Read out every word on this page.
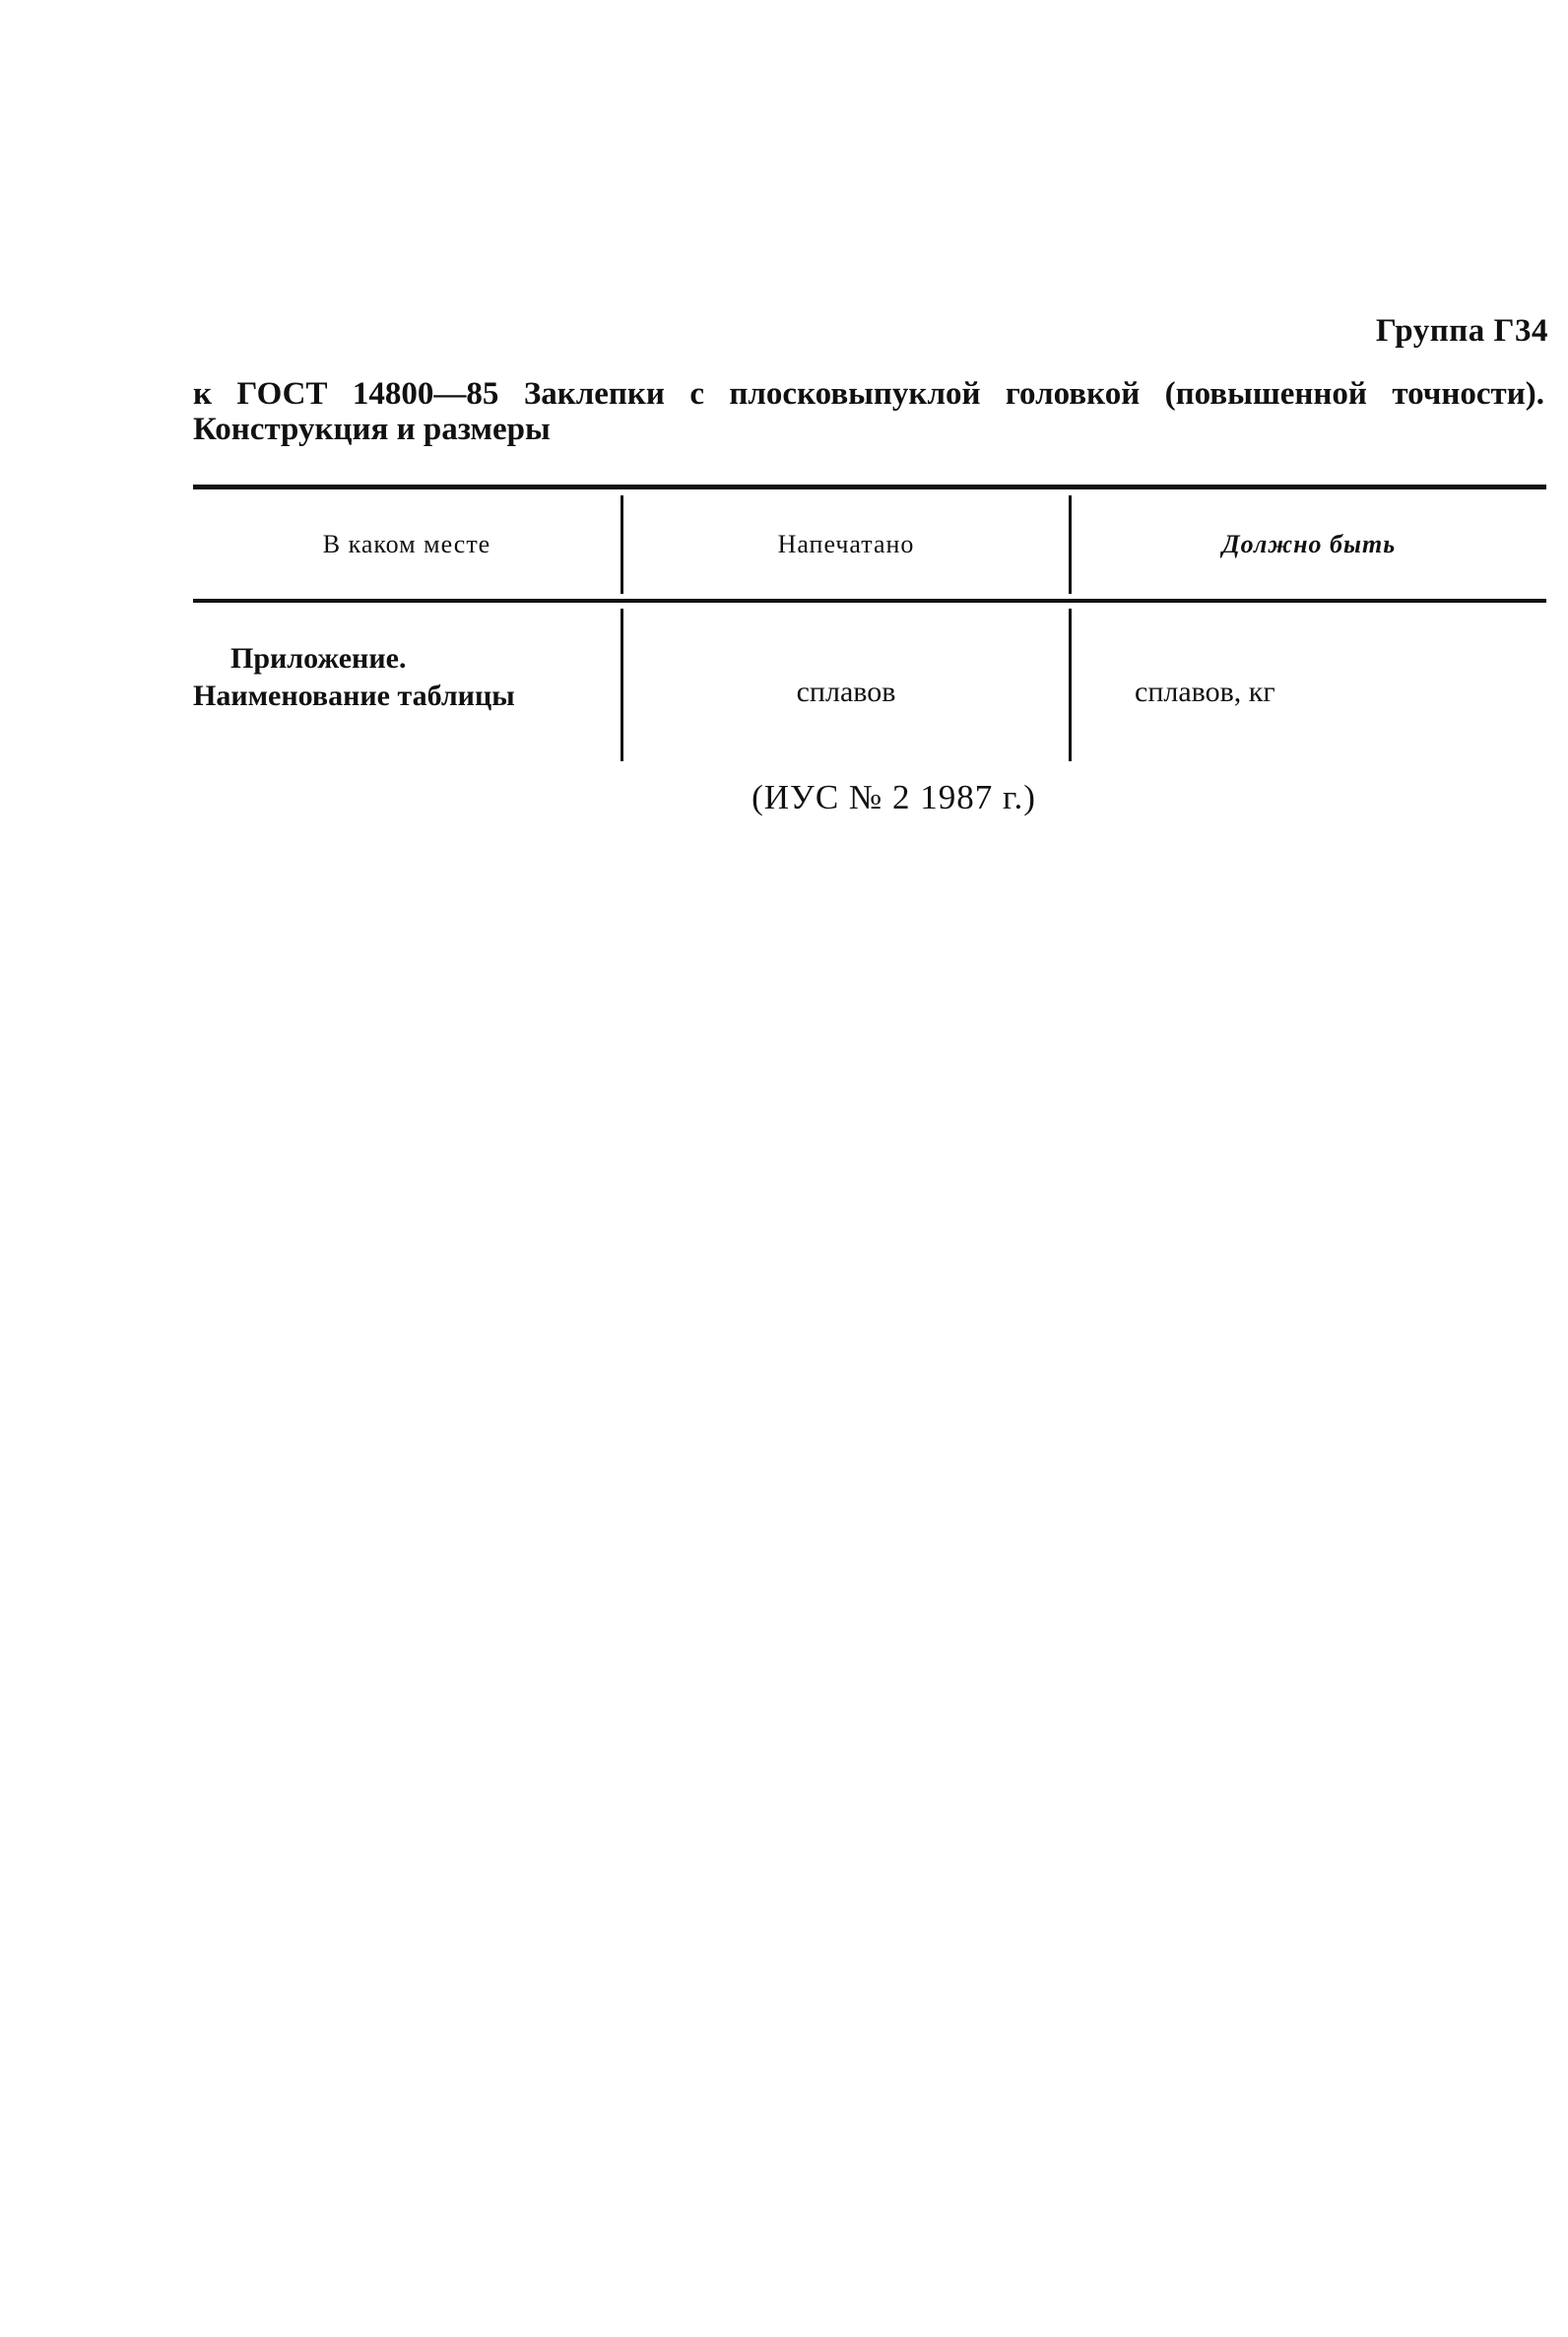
Группа Г34
к ГОСТ 14800—85 Заклепки с плосковыпуклой головкой (повышенной точности). Конструкция и размеры
В каком месте	Напечатано	Должно быть
Приложение. Наименование таблицы	сплавов	сплавов, кг
(ИУС № 2 1987 г.)
